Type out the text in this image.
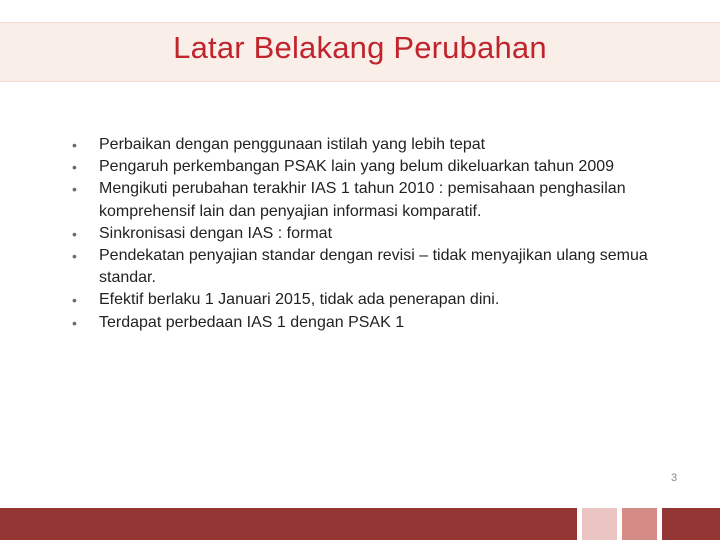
Latar Belakang Perubahan
•	Perbaikan dengan penggunaan istilah yang lebih tepat
•	Pengaruh perkembangan PSAK lain yang belum dikeluarkan tahun 2009
•	Mengikuti perubahan terakhir IAS 1 tahun 2010 : pemisahaan penghasilan komprehensif lain dan penyajian informasi komparatif.
•	Sinkronisasi dengan IAS : format
•	Pendekatan penyajian standar dengan revisi – tidak menyajikan ulang semua standar.
•	Efektif berlaku 1 Januari 2015, tidak ada penerapan dini.
•	Terdapat perbedaan IAS 1 dengan PSAK 1
3
